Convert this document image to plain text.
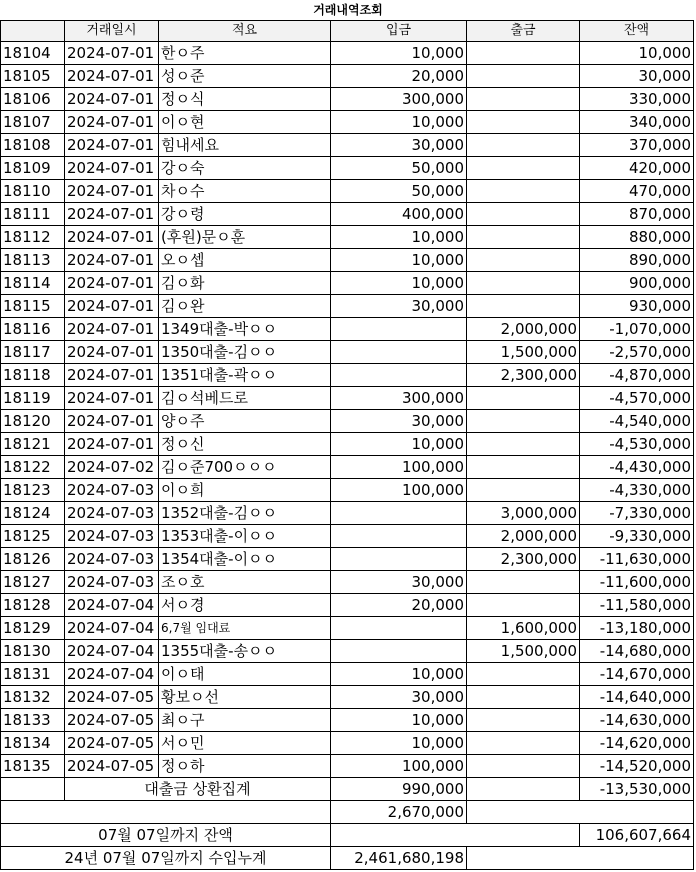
거래내역조회
	거래일시	적요	입금	출금	잔액
18104	2024-07-01	한ㅇ주	10,000		10,000
18105	2024-07-01	성ㅇ준	20,000		30,000
18106	2024-07-01	정ㅇ식	300,000		330,000
18107	2024-07-01	이ㅇ현	10,000		340,000
18108	2024-07-01	힘내세요	30,000		370,000
18109	2024-07-01	강ㅇ숙	50,000		420,000
18110	2024-07-01	차ㅇ수	50,000		470,000
18111	2024-07-01	강ㅇ령	400,000		870,000
18112	2024-07-01	(후원)문ㅇ훈	10,000		880,000
18113	2024-07-01	오ㅇ셉	10,000		890,000
18114	2024-07-01	김ㅇ화	10,000		900,000
18115	2024-07-01	김ㅇ완	30,000		930,000
18116	2024-07-01	1349대출-박ㅇㅇ		2,000,000	-1,070,000
18117	2024-07-01	1350대출-김ㅇㅇ		1,500,000	-2,570,000
18118	2024-07-01	1351대출-곽ㅇㅇ		2,300,000	-4,870,000
18119	2024-07-01	김ㅇ석베드로	300,000		-4,570,000
18120	2024-07-01	양ㅇ주	30,000		-4,540,000
18121	2024-07-01	정ㅇ신	10,000		-4,530,000
18122	2024-07-02	김ㅇ준700ㅇㅇㅇ	100,000		-4,430,000
18123	2024-07-03	이ㅇ희	100,000		-4,330,000
18124	2024-07-03	1352대출-김ㅇㅇ		3,000,000	-7,330,000
18125	2024-07-03	1353대출-이ㅇㅇ		2,000,000	-9,330,000
18126	2024-07-03	1354대출-이ㅇㅇ		2,300,000	-11,630,000
18127	2024-07-03	조ㅇ호	30,000		-11,600,000
18128	2024-07-04	서ㅇ경	20,000		-11,580,000
18129	2024-07-04	6,7월 임대료		1,600,000	-13,180,000
18130	2024-07-04	1355대출-송ㅇㅇ		1,500,000	-14,680,000
18131	2024-07-04	이ㅇ태	10,000		-14,670,000
18132	2024-07-05	황보ㅇ선	30,000		-14,640,000
18133	2024-07-05	최ㅇ구	10,000		-14,630,000
18134	2024-07-05	서ㅇ민	10,000		-14,620,000
18135	2024-07-05	정ㅇ하	100,000		-14,520,000
	대출금 상환집계		990,000		-13,530,000
			2,670,000		
07월 07일까지 잔액					106,607,664
24년 07월 07일까지 수입누계			2,461,680,198		
